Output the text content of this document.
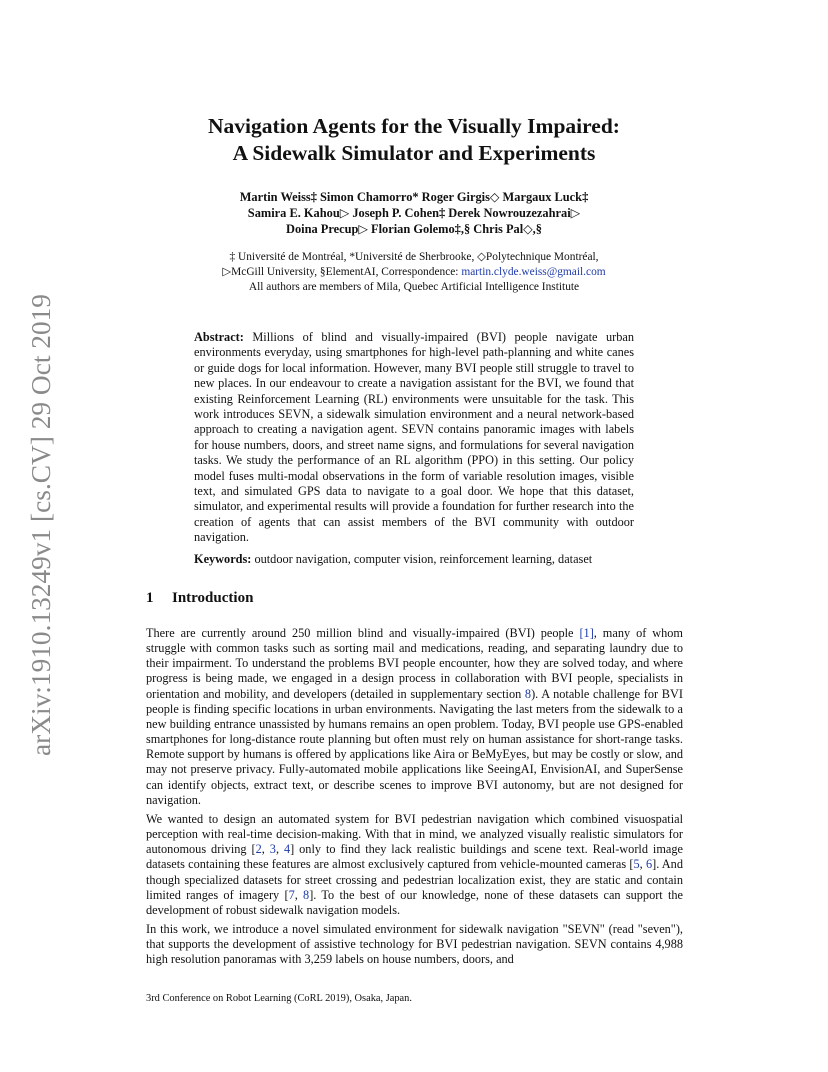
arXiv:1910.13249v1 [cs.CV] 29 Oct 2019
Navigation Agents for the Visually Impaired:
A Sidewalk Simulator and Experiments
Martin Weiss‡ Simon Chamorro* Roger Girgis◇ Margaux Luck‡
Samira E. Kahou▷ Joseph P. Cohen‡ Derek Nowrouzezahrai▷
Doina Precup▷ Florian Golemo‡,§ Chris Pal◇,§
‡ Université de Montréal, *Université de Sherbrooke, ◇Polytechnique Montréal,
▷McGill University, §ElementAI, Correspondence: martin.clyde.weiss@gmail.com
All authors are members of Mila, Quebec Artificial Intelligence Institute

Abstract: Millions of blind and visually-impaired (BVI) people navigate urban environments everyday, using smartphones for high-level path-planning and white canes or guide dogs for local information. However, many BVI people still struggle to travel to new places. In our endeavour to create a navigation assistant for the BVI, we found that existing Reinforcement Learning (RL) environments were unsuitable for the task. This work introduces SEVN, a sidewalk simulation environment and a neural network-based approach to creating a navigation agent. SEVN contains panoramic images with labels for house numbers, doors, and street name signs, and formulations for several navigation tasks. We study the performance of an RL algorithm (PPO) in this setting. Our policy model fuses multi-modal observations in the form of variable resolution images, visible text, and simulated GPS data to navigate to a goal door. We hope that this dataset, simulator, and experimental results will provide a foundation for further research into the creation of agents that can assist members of the BVI community with outdoor navigation.

Keywords: outdoor navigation, computer vision, reinforcement learning, dataset

1 Introduction

There are currently around 250 million blind and visually-impaired (BVI) people [1], many of whom struggle with common tasks such as sorting mail and medications, reading, and separating laundry due to their impairment. To understand the problems BVI people encounter, how they are solved today, and where progress is being made, we engaged in a design process in collaboration with BVI people, specialists in orientation and mobility, and developers (detailed in supplementary section 8). A notable challenge for BVI people is finding specific locations in urban environments. Navigating the last meters from the sidewalk to a new building entrance unassisted by humans remains an open problem. Today, BVI people use GPS-enabled smartphones for long-distance route planning but often must rely on human assistance for short-range tasks. Remote support by humans is offered by applications like Aira or BeMyEyes, but may be costly or slow, and may not preserve privacy. Fully-automated mobile applications like SeeingAI, EnvisionAI, and SuperSense can identify objects, extract text, or describe scenes to improve BVI autonomy, but are not designed for navigation.

We wanted to design an automated system for BVI pedestrian navigation which combined visuospatial perception with real-time decision-making. With that in mind, we analyzed visually realistic simulators for autonomous driving [2, 3, 4] only to find they lack realistic buildings and scene text. Real-world image datasets containing these features are almost exclusively captured from vehicle-mounted cameras [5, 6]. And though specialized datasets for street crossing and pedestrian localization exist, they are static and contain limited ranges of imagery [7, 8]. To the best of our knowledge, none of these datasets can support the development of robust sidewalk navigation models.

In this work, we introduce a novel simulated environment for sidewalk navigation "SEVN" (read "seven"), that supports the development of assistive technology for BVI pedestrian navigation. SEVN contains 4,988 high resolution panoramas with 3,259 labels on house numbers, doors, and

3rd Conference on Robot Learning (CoRL 2019), Osaka, Japan.
